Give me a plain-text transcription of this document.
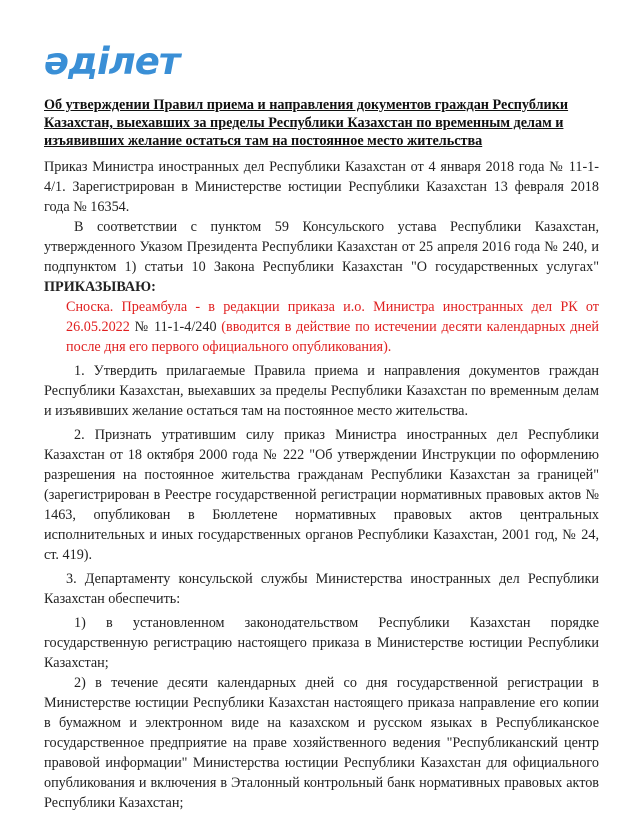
әділет
Об утверждении Правил приема и направления документов граждан Республики Казахстан, выехавших за пределы Республики Казахстан по временным делам и изъявивших желание остаться там на постоянное место жительства

Приказ Министра иностранных дел Республики Казахстан от 4 января 2018 года № 11-1-4/1. Зарегистрирован в Министерстве юстиции Республики Казахстан 13 февраля 2018 года № 16354.

В соответствии с пунктом 59 Консульского устава Республики Казахстан, утвержденного Указом Президента Республики Казахстан от 25 апреля 2016 года № 240, и подпунктом 1) статьи 10 Закона Республики Казахстан "О государственных услугах" ПРИКАЗЫВАЮ:

Сноска. Преамбула - в редакции приказа и.о. Министра иностранных дел РК от 26.05.2022 № 11-1-4/240 (вводится в действие по истечении десяти календарных дней после дня его первого официального опубликования).

1. Утвердить прилагаемые Правила приема и направления документов граждан Республики Казахстан, выехавших за пределы Республики Казахстан по временным делам и изъявивших желание остаться там на постоянное место жительства.

2. Признать утратившим силу приказ Министра иностранных дел Республики Казахстан от 18 октября 2000 года № 222 "Об утверждении Инструкции по оформлению разрешения на постоянное жительства гражданам Республики Казахстан за границей" (зарегистрирован в Реестре государственной регистрации нормативных правовых актов № 1463, опубликован в Бюллетене нормативных правовых актов центральных исполнительных и иных государственных органов Республики Казахстан, 2001 год, № 24, ст. 419).

3. Департаменту консульской службы Министерства иностранных дел Республики Казахстан обеспечить:

1) в установленном законодательством Республики Казахстан порядке государственную регистрацию настоящего приказа в Министерстве юстиции Республики Казахстан;

2) в течение десяти календарных дней со дня государственной регистрации в Министерстве юстиции Республики Казахстан настоящего приказа направление его копии в бумажном и электронном виде на казахском и русском языках в Республиканское государственное предприятие на праве хозяйственного ведения "Республиканский центр правовой информации" Министерства юстиции Республики Казахстан для официального опубликования и включения в Эталонный контрольный банк нормативных правовых актов Республики Казахстан;
